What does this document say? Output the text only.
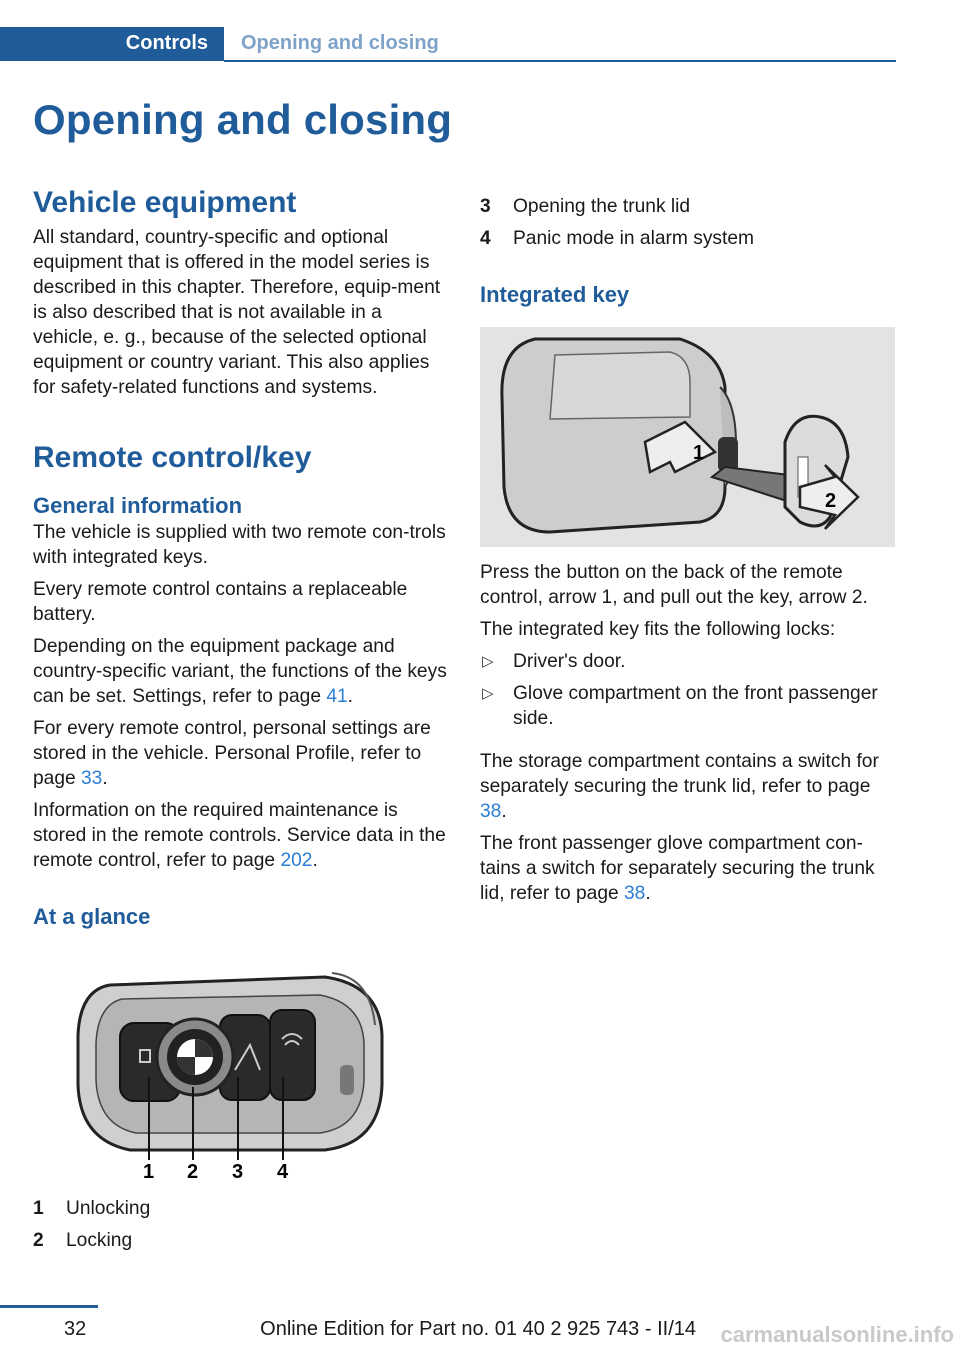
Controls Opening and closing
Opening and closing
Vehicle equipment

All standard, country-specific and optional equipment that is offered in the model series is described in this chapter. Therefore, equip-ment is also described that is not available in a vehicle, e. g., because of the selected optional equipment or country variant. This also applies for safety-related functions and systems.

Remote control/key
General information

The vehicle is supplied with two remote con-trols with integrated keys.

Every remote control contains a replaceable battery.

Depending on the equipment package and country-specific variant, the functions of the keys can be set. Settings, refer to page 41.

For every remote control, personal settings are stored in the vehicle. Personal Profile, refer to page 33.

Information on the required maintenance is stored in the remote controls. Service data in the remote control, refer to page 202.

At a glance
1 2 3 4
1 Unlocking
2 Locking
3 Opening the trunk lid
4 Panic mode in alarm system
Integrated key
1
2

Press the button on the back of the remote control, arrow 1, and pull out the key, arrow 2.

The integrated key fits the following locks:

▷ Driver's door.
▷ Glove compartment on the front passenger side.

The storage compartment contains a switch for separately securing the trunk lid, refer to page 38.

The front passenger glove compartment con-tains a switch for separately securing the trunk lid, refer to page 38.

32	Online Edition for Part no. 01 40 2 925 743 - II/14 carmanualsonline.info
